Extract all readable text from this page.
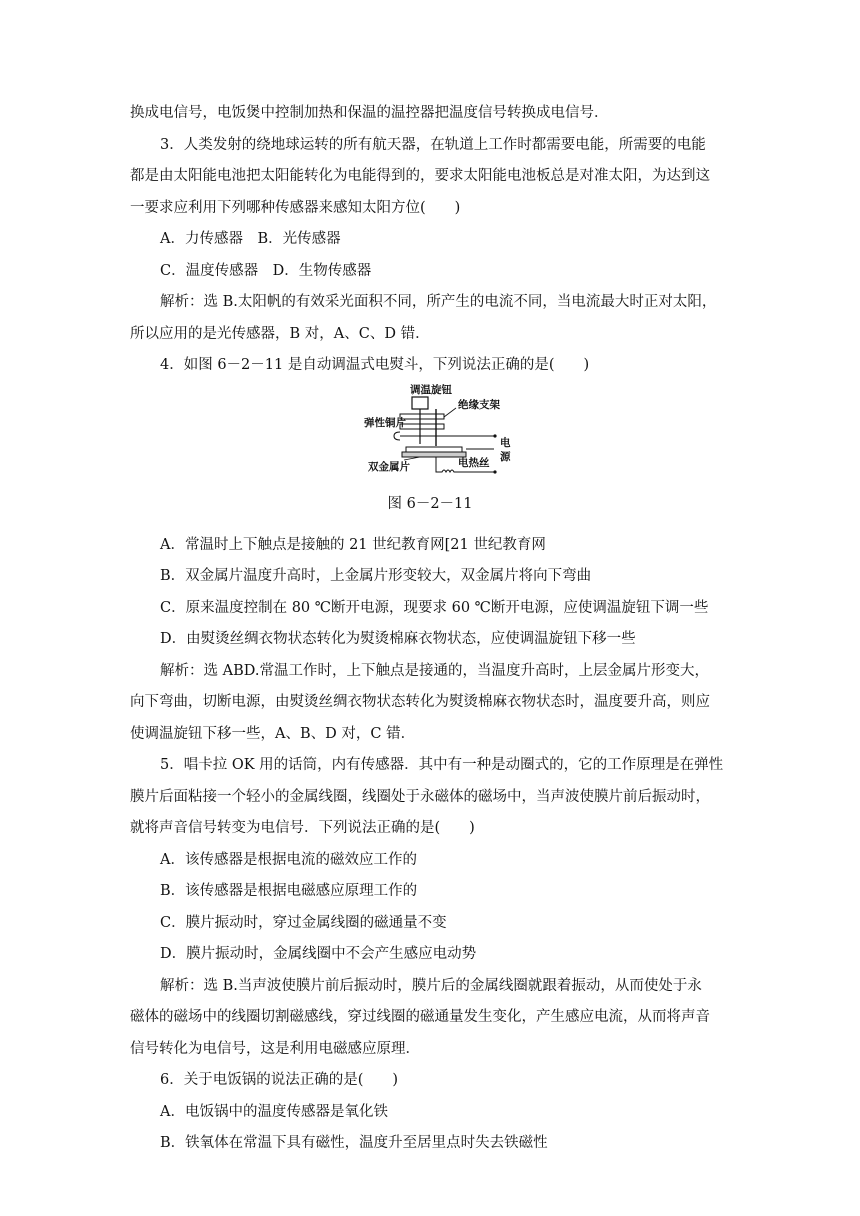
换成电信号，电饭煲中控制加热和保温的温控器把温度信号转换成电信号．
3．人类发射的绕地球运转的所有航天器，在轨道上工作时都需要电能，所需要的电能
都是由太阳能电池把太阳能转化为电能得到的，要求太阳能电池板总是对准太阳，为达到这
一要求应利用下列哪种传感器来感知太阳方位(　　)
A．力传感器　B．光传感器
C．温度传感器　D．生物传感器
解析：选 B.太阳帆的有效采光面积不同，所产生的电流不同，当电流最大时正对太阳，
所以应用的是光传感器，B 对，A、C、D 错．
4．如图 6－2－11 是自动调温式电熨斗，下列说法正确的是(　　)
调温旋钮
绝缘支架
弹性铜片
电
源
双金属片	电热丝
图 6－2－11
A．常温时上下触点是接触的 21 世纪教育网[21 世纪教育网
B．双金属片温度升高时，上金属片形变较大，双金属片将向下弯曲
C．原来温度控制在 80 ℃断开电源，现要求 60 ℃断开电源，应使调温旋钮下调一些
D．由熨烫丝绸衣物状态转化为熨烫棉麻衣物状态，应使调温旋钮下移一些
解析：选 ABD.常温工作时，上下触点是接通的，当温度升高时，上层金属片形变大，
向下弯曲，切断电源，由熨烫丝绸衣物状态转化为熨烫棉麻衣物状态时，温度要升高，则应
使调温旋钮下移一些，A、B、D 对，C 错．
5．唱卡拉 OK 用的话筒，内有传感器．其中有一种是动圈式的，它的工作原理是在弹性
膜片后面粘接一个轻小的金属线圈，线圈处于永磁体的磁场中，当声波使膜片前后振动时，
就将声音信号转变为电信号．下列说法正确的是(　　)
A．该传感器是根据电流的磁效应工作的
B．该传感器是根据电磁感应原理工作的
C．膜片振动时，穿过金属线圈的磁通量不变
D．膜片振动时，金属线圈中不会产生感应电动势
解析：选 B.当声波使膜片前后振动时，膜片后的金属线圈就跟着振动，从而使处于永
磁体的磁场中的线圈切割磁感线，穿过线圈的磁通量发生变化，产生感应电流，从而将声音
信号转化为电信号，这是利用电磁感应原理．
6．关于电饭锅的说法正确的是(　　)
A．电饭锅中的温度传感器是氧化铁
B．铁氧体在常温下具有磁性，温度升至居里点时失去铁磁性
